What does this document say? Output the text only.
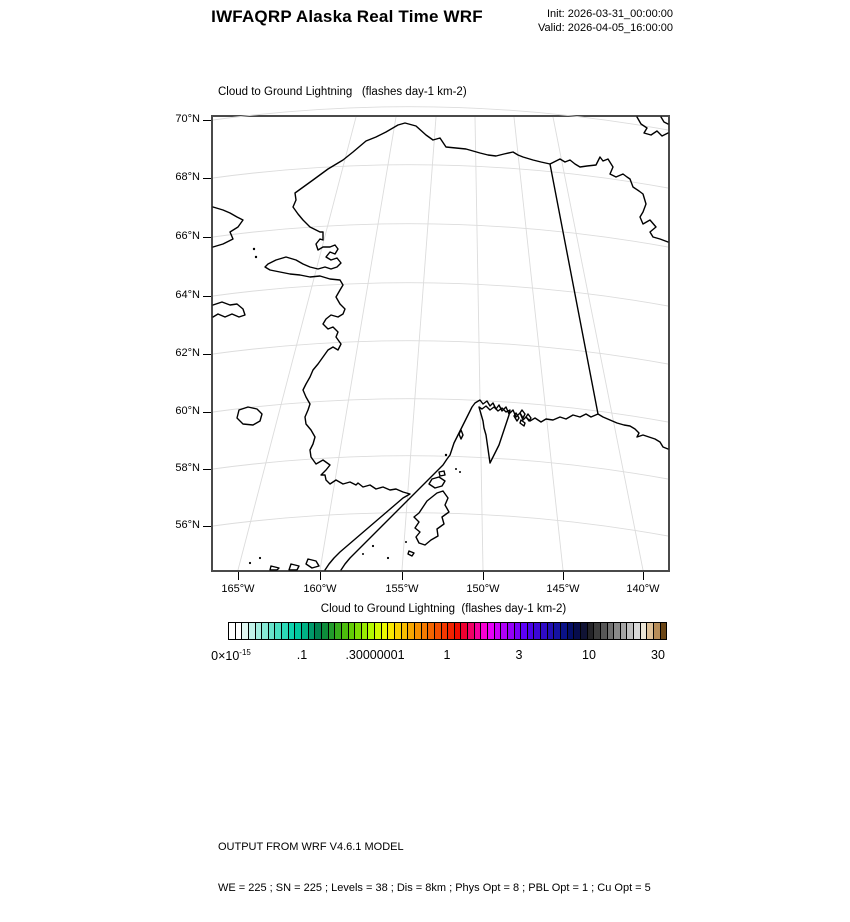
IWFAQRP Alaska Real Time WRF	Init: 2026-03-31_00:00:00
Valid: 2026-04-05_16:00:00
Cloud to Ground Lightning   (flashes day-1 km-2)
70°N
68°N
66°N
64°N
62°N
60°N
58°N
56°N
165°W	160°W	155°W	150°W	145°W	140°W
Cloud to Ground Lightning  (flashes day-1 km-2)
$0\times 10^{-15}$	.1	.30000001	1	3	10	30

OUTPUT FROM WRF V4.6.1 MODEL

WE = 225 ; SN = 225 ; Levels = 38 ; Dis = 8km ; Phys Opt = 8 ; PBL Opt = 1 ; Cu Opt = 5
